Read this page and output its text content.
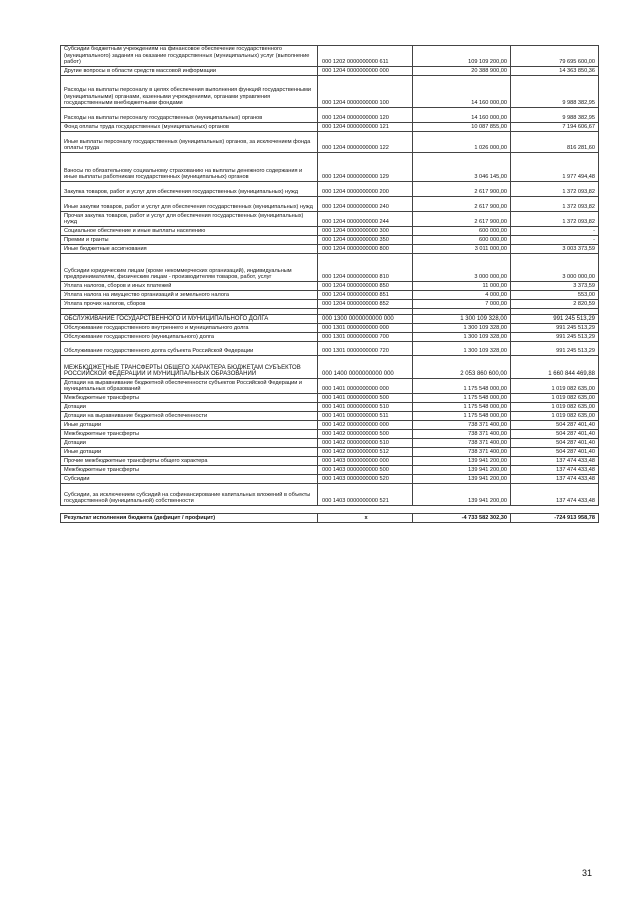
Субсидии бюджетным учреждениям на финансовое обеспечение государственного (муниципального) задания на оказание государственных (муниципальных) услуг (выполнение работ)	000 1202 0000000000 611	109 109 200,00	79 695 600,00
Другие вопросы в области средств массовой информации	000 1204 0000000000 000	20 388 900,00	14 363 850,36
Расходы на выплаты персоналу в целях обеспечения выполнения функций государственными (муниципальными) органами, казенными учреждениями, органами управления государственными внебюджетными фондами	000 1204 0000000000 100	14 160 000,00	9 988 382,95
Расходы на выплаты персоналу государственных (муниципальных) органов	000 1204 0000000000 120	14 160 000,00	9 988 382,95
Фонд оплаты труда государственных (муниципальных) органов	000 1204 0000000000 121	10 087 855,00	7 194 606,67
Иные выплаты персоналу государственных (муниципальных) органов, за исключением фонда оплаты труда	000 1204 0000000000 122	1 026 000,00	816 281,60
Взносы по обязательному социальному страхованию на выплаты денежного содержания и иные выплаты работникам государственных (муниципальных) органов	000 1204 0000000000 129	3 046 145,00	1 977 494,48
Закупка товаров, работ и услуг для обеспечения государственных (муниципальных) нужд	000 1204 0000000000 200	2 617 900,00	1 372 093,82
Иные закупки товаров, работ и услуг для обеспечения государственных (муниципальных) нужд	000 1204 0000000000 240	2 617 900,00	1 372 093,82
Прочая закупка товаров, работ и услуг для обеспечения государственных (муниципальных) нужд	000 1204 0000000000 244	2 617 900,00	1 372 093,82
Социальное обеспечение и иные выплаты населению	000 1204 0000000000 300	600 000,00	-
Премии и гранты	000 1204 0000000000 350	600 000,00	-
Иные бюджетные ассигнования	000 1204 0000000000 800	3 011 000,00	3 003 373,59
Субсидии юридическим лицам (кроме некоммерческих организаций), индивидуальным предпринимателям, физическим лицам - производителям товаров, работ, услуг	000 1204 0000000000 810	3 000 000,00	3 000 000,00
Уплата налогов, сборов и иных платежей	000 1204 0000000000 850	11 000,00	3 373,59
Уплата налога на имущество организаций и земельного налога	000 1204 0000000000 851	4 000,00	553,00
Уплата прочих налогов, сборов	000 1204 0000000000 852	7 000,00	2 820,59

ОБСЛУЖИВАНИЕ ГОСУДАРСТВЕННОГО И МУНИЦИПАЛЬНОГО ДОЛГА	000 1300 0000000000 000	1 300 109 328,00	991 245 513,29
Обслуживание государственного внутреннего и муниципального долга	000 1301 0000000000 000	1 300 109 328,00	991 245 513,29
Обслуживание государственного (муниципального) долга	000 1301 0000000000 700	1 300 109 328,00	991 245 513,29
Обслуживание государственного долга субъекта Российской Федерации	000 1301 0000000000 720	1 300 109 328,00	991 245 513,29
МЕЖБЮДЖЕТНЫЕ ТРАНСФЕРТЫ ОБЩЕГО ХАРАКТЕРА БЮДЖЕТАМ СУБЪЕКТОВ РОССИЙСКОЙ ФЕДЕРАЦИИ И МУНИЦИПАЛЬНЫХ ОБРАЗОВАНИЙ	000 1400 0000000000 000	2 053 860 600,00	1 660 844 469,88
Дотации на выравнивание бюджетной обеспеченности субъектов Российской Федерации и муниципальных образований	000 1401 0000000000 000	1 175 548 000,00	1 019 082 635,00
Межбюджетные трансферты	000 1401 0000000000 500	1 175 548 000,00	1 019 082 635,00
Дотации	000 1401 0000000000 510	1 175 548 000,00	1 019 082 635,00
Дотации на выравнивание бюджетной обеспеченности	000 1401 0000000000 511	1 175 548 000,00	1 019 082 635,00
Иные дотации	000 1402 0000000000 000	738 371 400,00	504 287 401,40
Межбюджетные трансферты	000 1402 0000000000 500	738 371 400,00	504 287 401,40
Дотации	000 1402 0000000000 510	738 371 400,00	504 287 401,40
Иные дотации	000 1402 0000000000 512	738 371 400,00	504 287 401,40
Прочие межбюджетные трансферты общего характера	000 1403 0000000000 000	139 941 200,00	137 474 433,48
Межбюджетные трансферты	000 1403 0000000000 500	139 941 200,00	137 474 433,48
Субсидии	000 1403 0000000000 520	139 941 200,00	137 474 433,48
Субсидии, за исключением субсидий на софинансирование капитальных вложений в объекты государственной (муниципальной) собственности	000 1403 0000000000 521	139 941 200,00	137 474 433,48

Результат исполнения бюджета (дефицит / профицит)	x	-4 733 582 302,30	-724 913 958,78
31
